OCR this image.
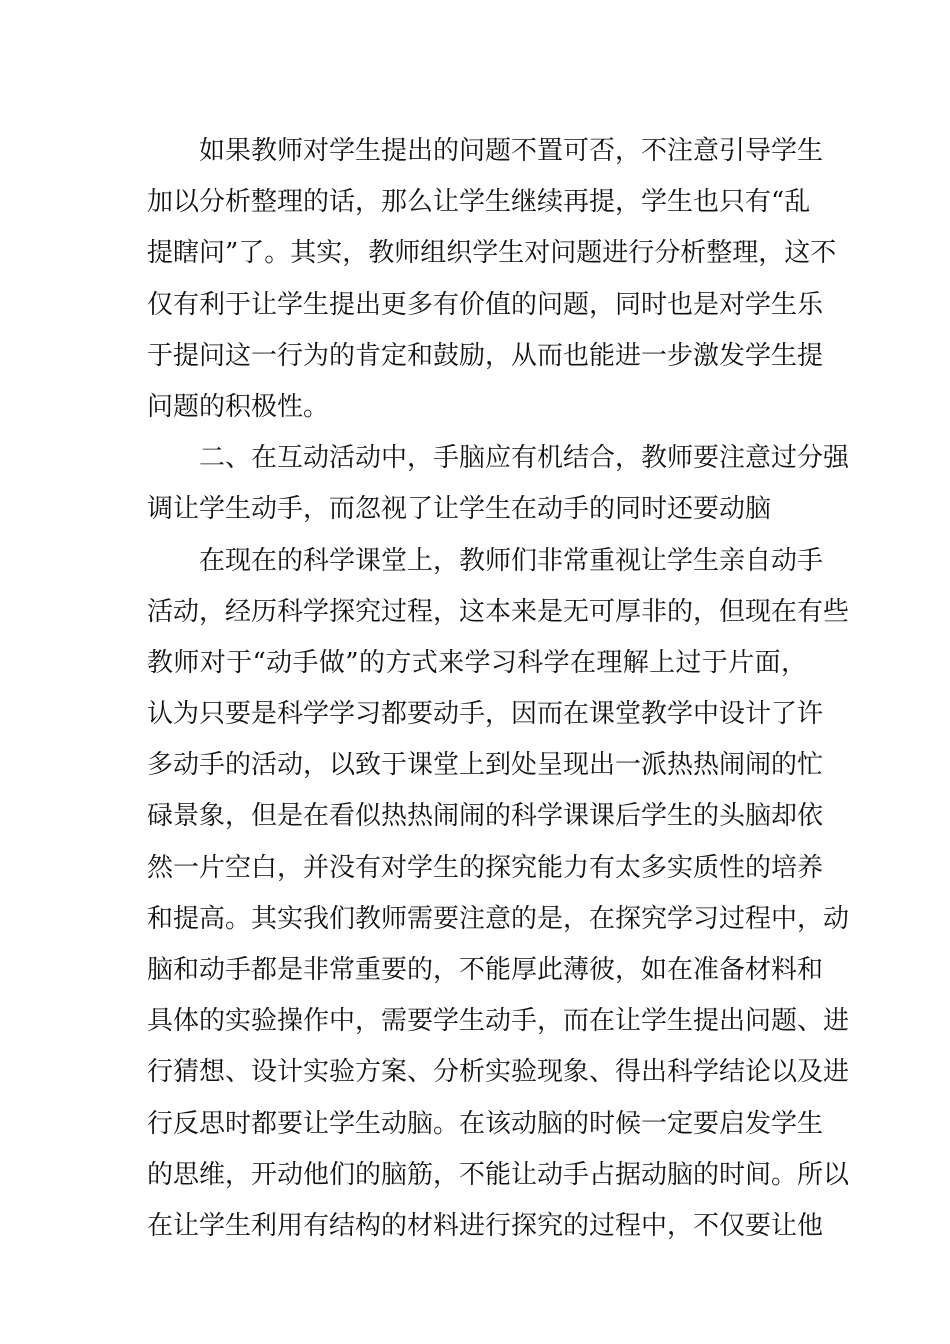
如果教师对学生提出的问题不置可否，不注意引导学生
加以分析整理的话，那么让学生继续再提，学生也只有“乱
提瞎问”了。其实，教师组织学生对问题进行分析整理，这不
仅有利于让学生提出更多有价值的问题，同时也是对学生乐
于提问这一行为的肯定和鼓励，从而也能进一步激发学生提
问题的积极性。
二、在互动活动中，手脑应有机结合，教师要注意过分强
调让学生动手，而忽视了让学生在动手的同时还要动脑
在现在的科学课堂上，教师们非常重视让学生亲自动手
活动，经历科学探究过程，这本来是无可厚非的，但现在有些
教师对于“动手做”的方式来学习科学在理解上过于片面，
认为只要是科学学习都要动手，因而在课堂教学中设计了许
多动手的活动，以致于课堂上到处呈现出一派热热闹闹的忙
碌景象，但是在看似热热闹闹的科学课课后学生的头脑却依
然一片空白，并没有对学生的探究能力有太多实质性的培养
和提高。其实我们教师需要注意的是，在探究学习过程中，动
脑和动手都是非常重要的，不能厚此薄彼，如在准备材料和
具体的实验操作中，需要学生动手，而在让学生提出问题、进
行猜想、设计实验方案、分析实验现象、得出科学结论以及进
行反思时都要让学生动脑。在该动脑的时候一定要启发学生
的思维，开动他们的脑筋，不能让动手占据动脑的时间。所以
在让学生利用有结构的材料进行探究的过程中，不仅要让他
